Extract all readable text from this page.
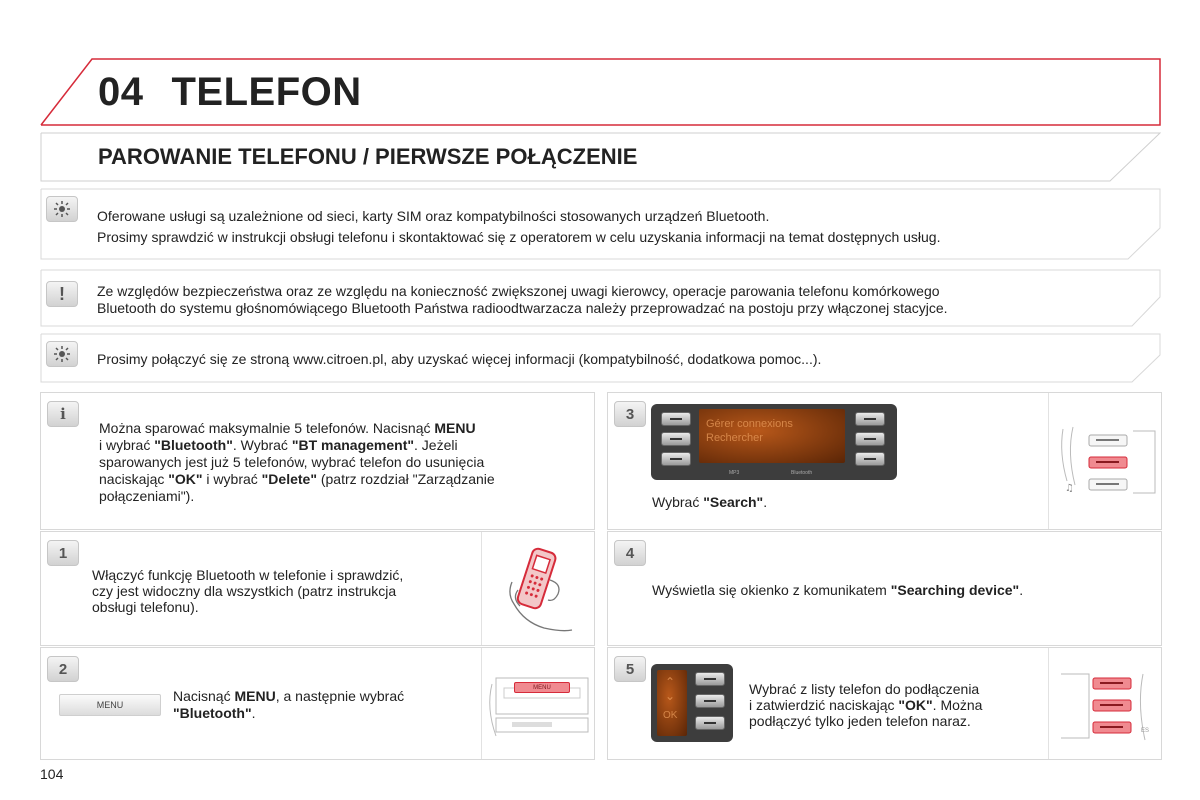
04 TELEFON
PAROWANIE TELEFONU / PIERWSZE POŁĄCZENIE
Oferowane usługi są uzależnione od sieci, karty SIM oraz kompatybilności stosowanych urządzeń Bluetooth.
Prosimy sprawdzić w instrukcji obsługi telefonu i skontaktować się z operatorem w celu uzyskania informacji na temat dostępnych usług.
!	Ze względów bezpieczeństwa oraz ze względu na konieczność zwiększonej uwagi kierowcy, operacje parowania telefonu komórkowego
Bluetooth do systemu głośnomówiącego Bluetooth Państwa radioodtwarzacza należy przeprowadzać na postoju przy włączonej stacyjce.
Prosimy połączyć się ze stroną www.citroen.pl, aby uzyskać więcej informacji (kompatybilność, dodatkowa pomoc...).
i
Można sparować maksymalnie 5 telefonów. Nacisnąć MENU
i wybrać "Bluetooth". Wybrać "BT management". Jeżeli
sparowanych jest już 5 telefonów, wybrać telefon do usunięcia
naciskając "OK" i wybrać "Delete" (patrz rozdział "Zarządzanie
połączeniami").
1
Włączyć funkcję Bluetooth w telefonie i sprawdzić,
czy jest widoczny dla wszystkich (patrz instrukcja
obsługi telefonu).
2
MENU
MENU
Nacisnąć MENU, a następnie wybrać
"Bluetooth".
3
♫
Gérer connexions
Rechercher
MP3	Bluetooth
Wybrać "Search".
4
Wyświetla się okienko z komunikatem "Searching device".
5
ES
⌃
⌄
OK
Wybrać z listy telefon do podłączenia
i zatwierdzić naciskając "OK". Można
podłączyć tylko jeden telefon naraz.
104
